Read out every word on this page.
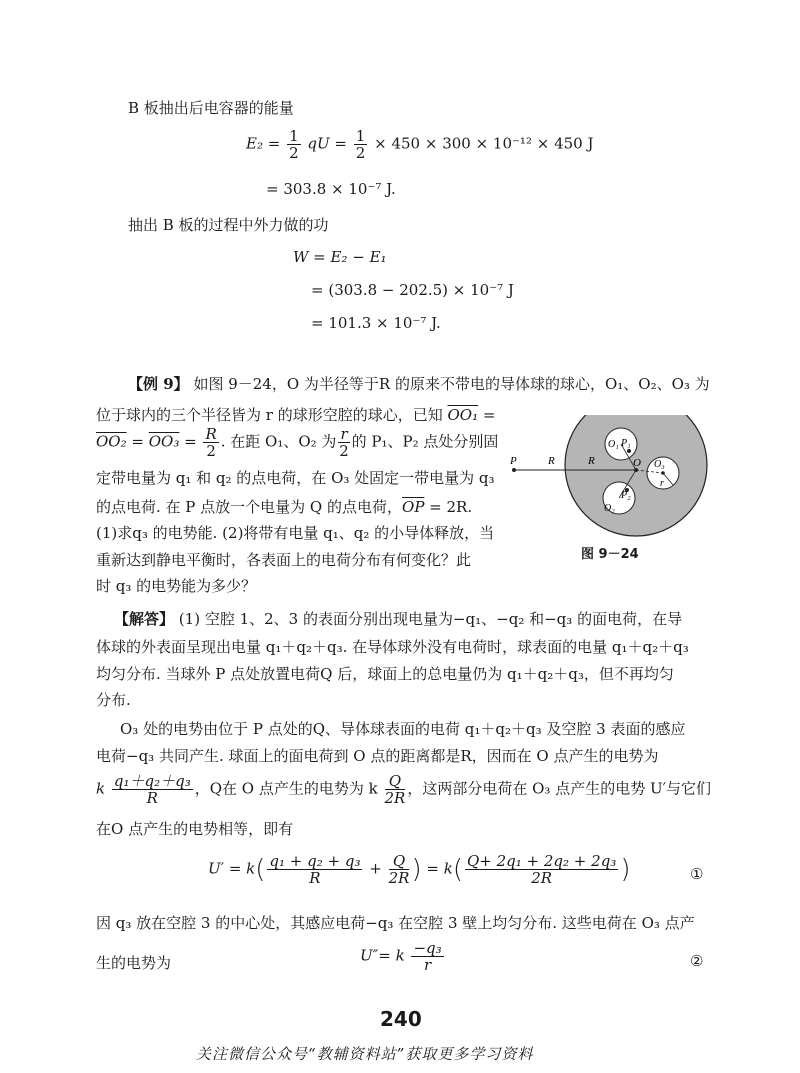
B 板抽出后电容器的能量
$E_2 = \frac{1}{2}$ qU = $\frac{1}{2} \times 450 \times 300 \times 10^{-12} \times 450$ J
= 303.8 × 10⁻⁷ J.
抽出 B 板的过程中外力做的功
W = E₂ − E₁
= (303.8 − 202.5) × 10⁻⁷ J
= 101.3 × 10⁻⁷ J.
【例 9】 如图 9－24，O 为半径等于R 的原来不带电的导体球的球心，O₁、O₂、O₃ 为
位于球内的三个半径皆为 r 的球形空腔的球心，已知 OO₁ =
$OO_2 = OO_3 = \frac{R}{2}$ . 在距 O₁、O₂ 为 $\frac{r}{2}$ 的 P₁、P₂ 点处分别固
定带电量为 q₁ 和 q₂ 的点电荷，在 O₃ 处固定一带电量为 q₃
的点电荷. 在 P 点放一个电量为 Q 的点电荷，$\overline{OP} = 2R$.
(1)求q₃ 的电势能. (2)将带有电量 q₁、q₂ 的小导体释放，当
重新达到静电平衡时，各表面上的电荷分布有何变化？此
时 q₃ 的电势能为多少？
P	R	R	O
O₁ P₁
O₂
P₂
O₃
r
图 9－24
【解答】 (1) 空腔 1、2、3 的表面分别出现电量为−q₁、−q₂ 和−q₃ 的面电荷，在导
体球的外表面呈现出电量 q₁＋q₂＋q₃. 在导体球外没有电荷时，球表面的电量 q₁＋q₂＋q₃
均匀分布. 当球外 P 点处放置电荷Q 后，球面上的总电量仍为 q₁＋q₂＋q₃，但不再均匀
分布.
O₃ 处的电势由位于 P 点处的Q、导体球表面的电荷 q₁＋q₂＋q₃ 及空腔 3 表面的感应
电荷−q₃ 共同产生. 球面上的面电荷到 O 点的距离都是R，因而在 O 点产生的电势为
k $\frac{\text{q₁＋q₂＋q₃}}{R}$ ，Q在 O 点产生的电势为 k $\frac{Q}{2R}$ ，这两部分电荷在 O₃ 点产生的电势 U′与它们
在O 点产生的电势相等，即有
$U' = k( \frac{\text{q₁ + q₂ + q₃}}{R} + \frac{Q}{2R}$ ) = $k( \frac{\text{Q+ 2q₁ + 2q₂ + 2q₃}}{2R}$ )	①
因 q₃ 放在空腔 3 的中心处，其感应电荷−q₃ 在空腔 3 壁上均匀分布. 这些电荷在 O₃ 点产
生的电势为	U″= k $\frac{\text{−q₃}}{r}$	②
240
关注微信公众号“教辅资料站”获取更多学习资料
